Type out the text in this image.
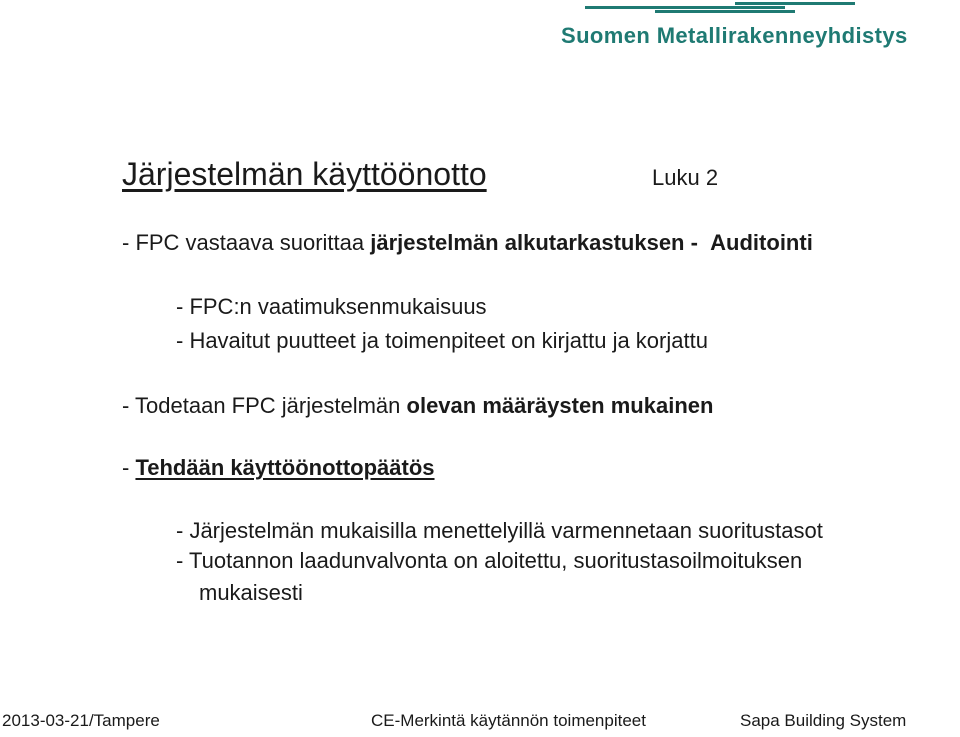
Suomen Metallirakenneyhdistys
Järjestelmän käyttöönotto	Luku 2
- FPC vastaava suorittaa järjestelmän alkutarkastuksen - Auditointi
- FPC:n vaatimuksenmukaisuus
- Havaitut puutteet ja toimenpiteet on kirjattu ja korjattu
- Todetaan FPC järjestelmän olevan määräysten mukainen
- Tehdään käyttöönottopäätös
- Järjestelmän mukaisilla menettelyillä varmennetaan suoritustasot
- Tuotannon laadunvalvonta on aloitettu, suoritustasoilmoituksen
mukaisesti
2013-03-21/Tampere	CE-Merkintä käytännön toimenpiteet	Sapa Building System
